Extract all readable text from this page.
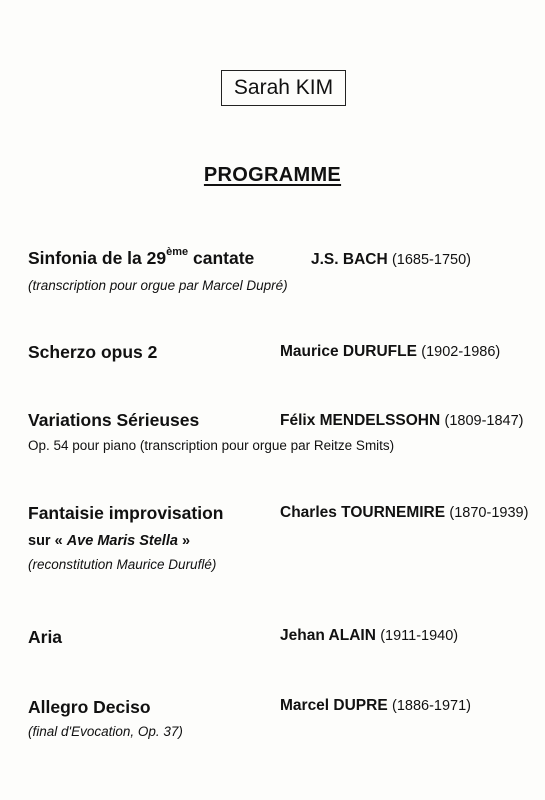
Sarah KIM
PROGRAMME
Sinfonia de la 29ème cantate	J.S. BACH (1685-1750)
(transcription pour orgue par Marcel Dupré)
Scherzo opus 2	Maurice DURUFLE (1902-1986)
Variations Sérieuses	Félix MENDELSSOHN (1809-1847)
Op. 54 pour piano (transcription pour orgue par Reitze Smits)
Fantaisie improvisation	Charles TOURNEMIRE (1870-1939)
sur « Ave Maris Stella »
(reconstitution Maurice Duruflé)
Aria	Jehan ALAIN (1911-1940)
Allegro Deciso	Marcel DUPRE (1886-1971)
(final d'Evocation, Op. 37)
